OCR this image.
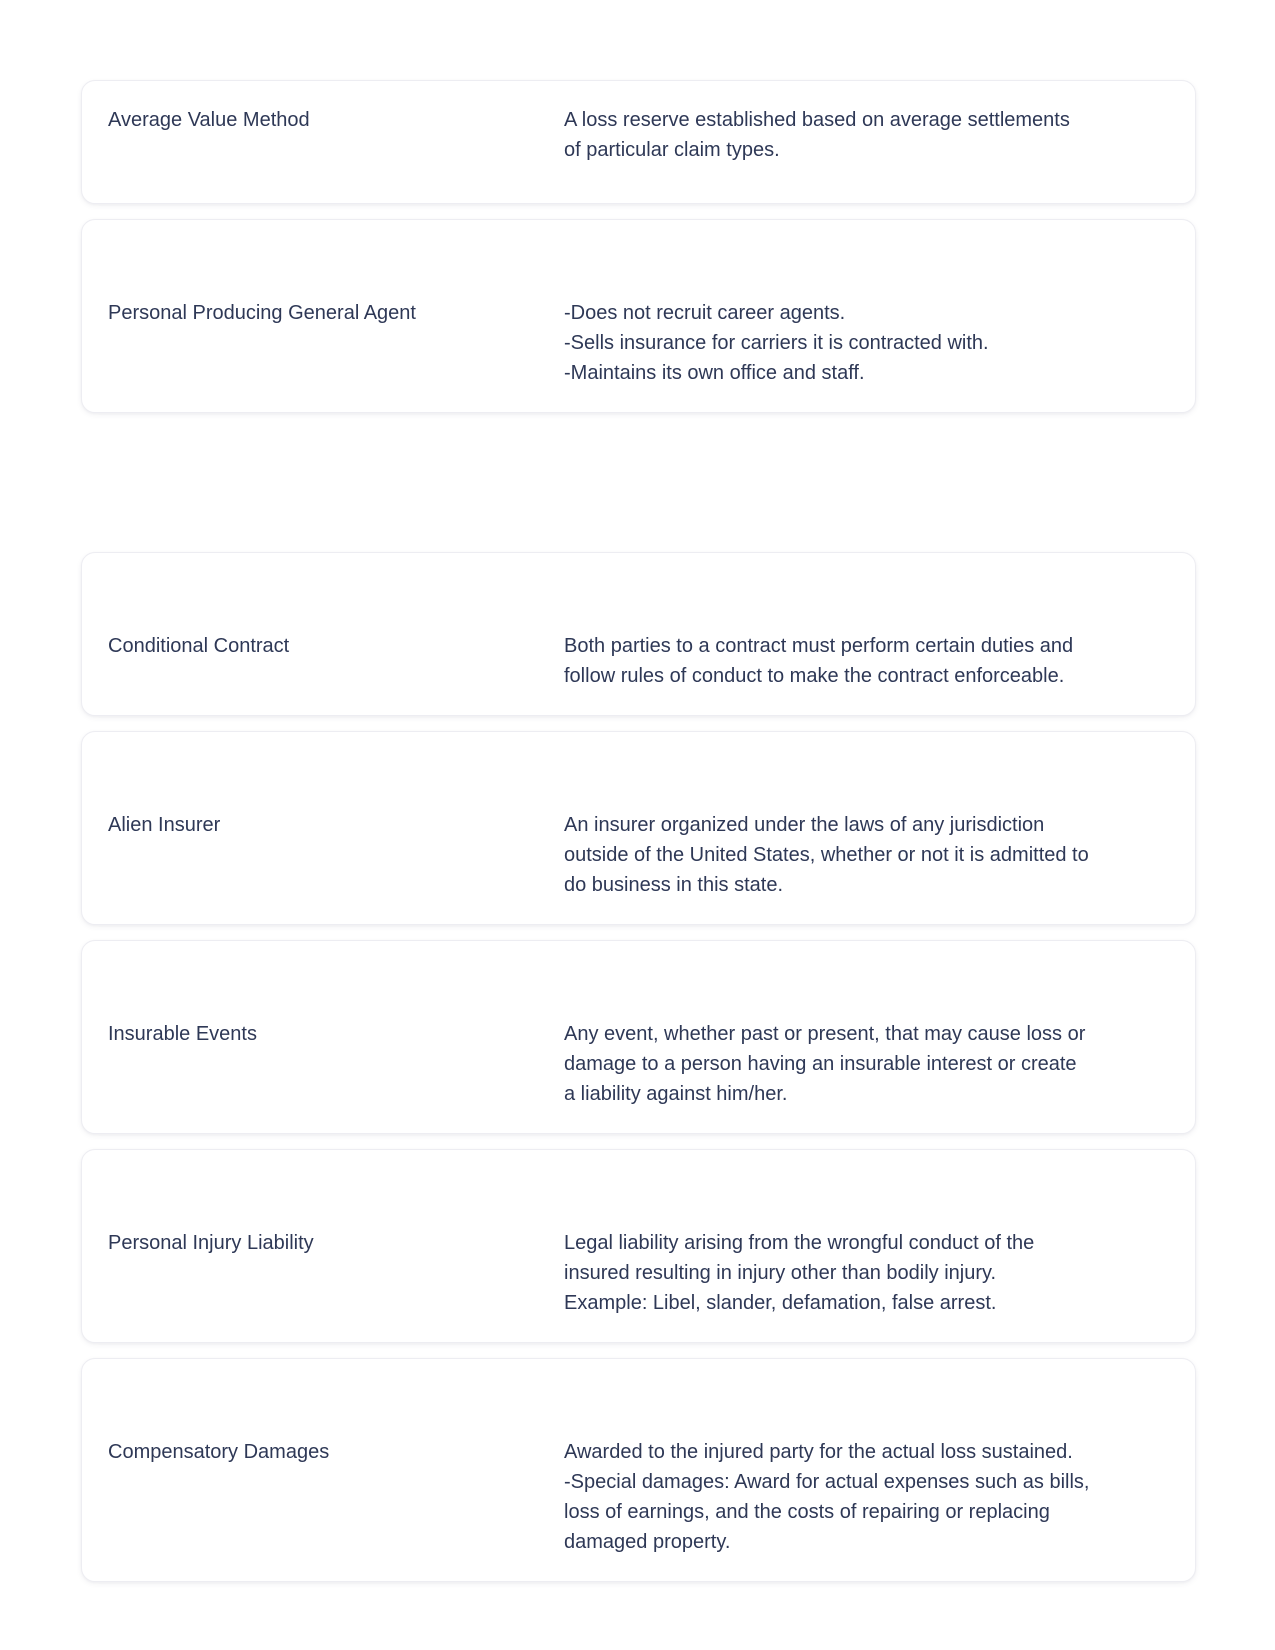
Average Value Method	A loss reserve established based on average settlements of particular claim types.
Personal Producing General Agent	-Does not recruit career agents.
-Sells insurance for carriers it is contracted with.
-Maintains its own office and staff.
Conditional Contract	Both parties to a contract must perform certain duties and follow rules of conduct to make the contract enforceable.
Alien Insurer	An insurer organized under the laws of any jurisdiction outside of the United States, whether or not it is admitted to do business in this state.
Insurable Events	Any event, whether past or present, that may cause loss or damage to a person having an insurable interest or create a liability against him/her.
Personal Injury Liability	Legal liability arising from the wrongful conduct of the insured resulting in injury other than bodily injury.
Example: Libel, slander, defamation, false arrest.
Compensatory Damages	Awarded to the injured party for the actual loss sustained.
-Special damages: Award for actual expenses such as bills, loss of earnings, and the costs of repairing or replacing damaged property.
